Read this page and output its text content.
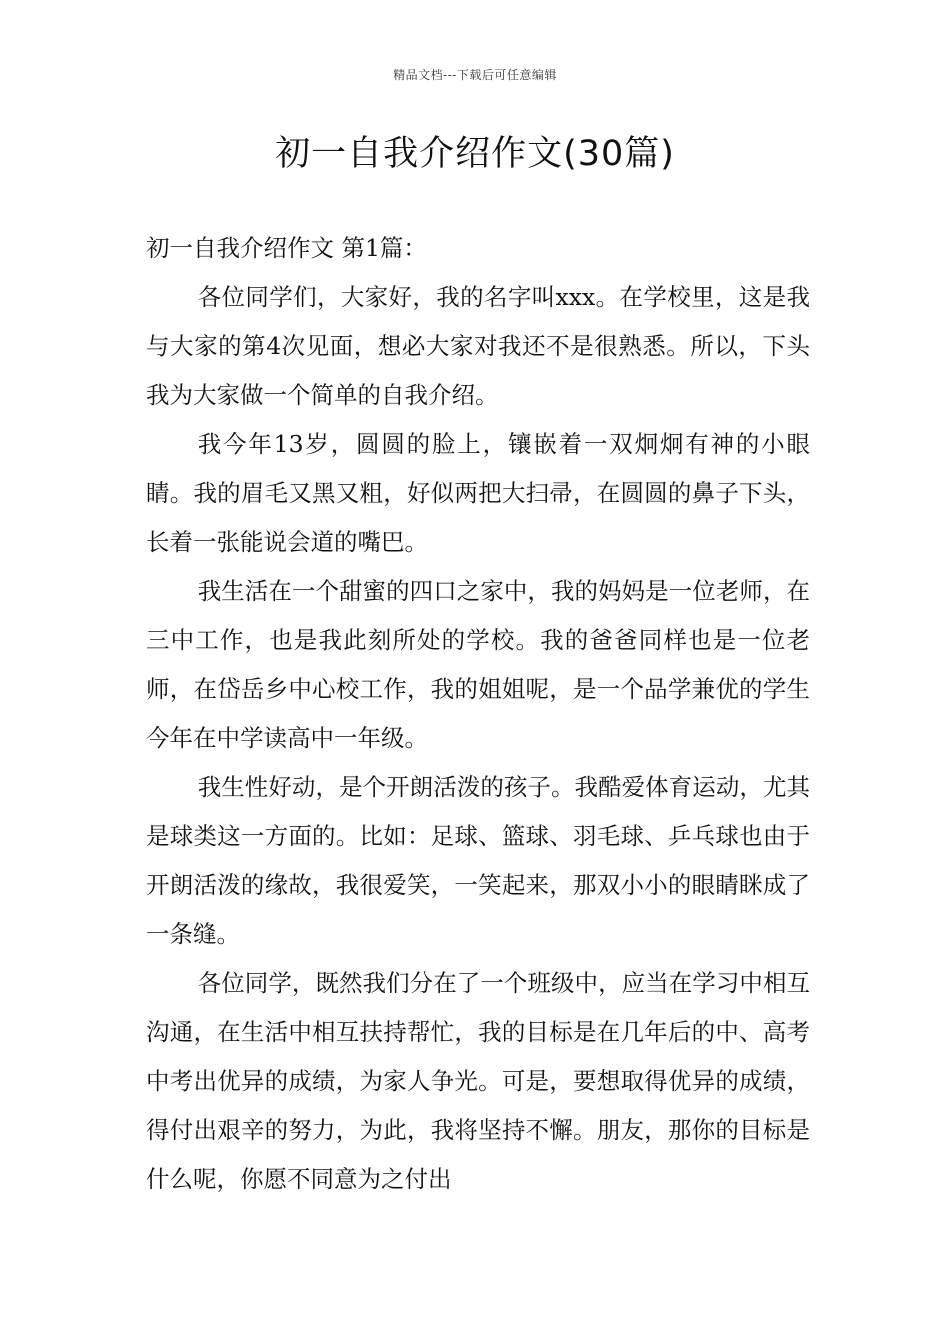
精品文档---下载后可任意编辑
初一自我介绍作文(30篇)

初一自我介绍作文 第1篇：

各位同学们，大家好，我的名字叫xxx。在学校里，这是我与大家的第4次见面，想必大家对我还不是很熟悉。所以，下头我为大家做一个简单的自我介绍。

我今年13岁，圆圆的脸上，镶嵌着一双炯炯有神的小眼睛。我的眉毛又黑又粗，好似两把大扫帚，在圆圆的鼻子下头，长着一张能说会道的嘴巴。

我生活在一个甜蜜的四口之家中，我的妈妈是一位老师，在三中工作，也是我此刻所处的学校。我的爸爸同样也是一位老师，在岱岳乡中心校工作，我的姐姐呢，是一个品学兼优的学生今年在中学读高中一年级。

我生性好动，是个开朗活泼的孩子。我酷爱体育运动，尤其是球类这一方面的。比如：足球、篮球、羽毛球、乒乓球也由于开朗活泼的缘故，我很爱笑，一笑起来，那双小小的眼睛眯成了一条缝。

各位同学，既然我们分在了一个班级中，应当在学习中相互沟通，在生活中相互扶持帮忙，我的目标是在几年后的中、高考中考出优异的成绩，为家人争光。可是，要想取得优异的成绩，得付出艰辛的努力，为此，我将坚持不懈。朋友，那你的目标是什么呢，你愿不同意为之付出
